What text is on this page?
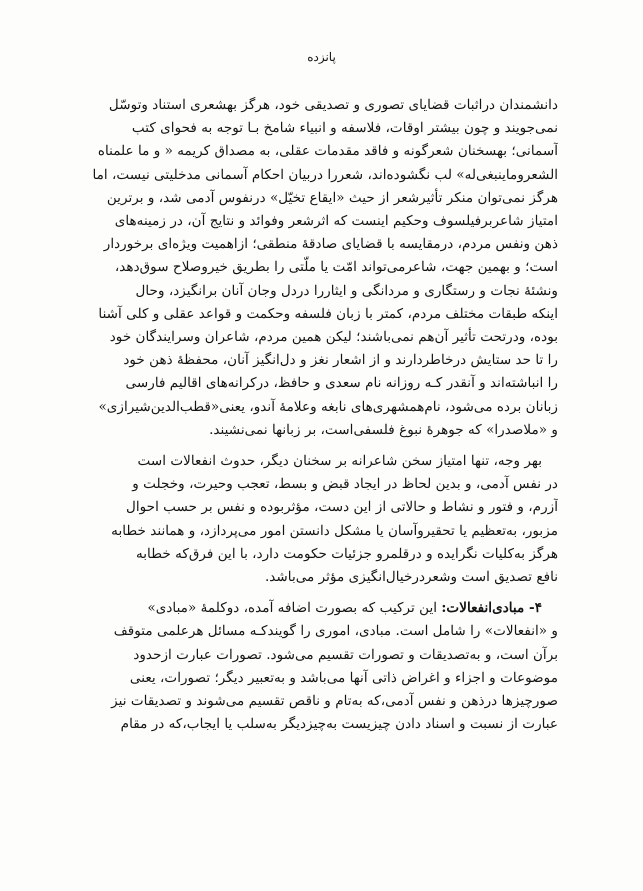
پانزده
دانشمندان دراثبات قضایای تصوری و تصدیقی خود، هرگز بهشعری استناد وتوسّل
نمی‌جویند و چون بیشتر اوقات، فلاسفه و انبیاء شامخ بـا توجه به فحوای کتب
آسمانی؛ بهسخنان شعرگونه و فاقد مقدمات عقلی، به مصداق کریمه « و ما علمناه
الشعروماینبغی‌له» لب نگشوده‌اند، شعررا دربیان احکام آسمانی مدخلیتی نیست، اما
هرگز نمی‌توان منکر تأثیرشعر از حیث «ایقاع تخیّل» درنفوس آدمی شد، و برترین
امتیاز شاعربرفیلسوف وحکیم اینست که اثرشعر وفوائد و نتایج آن، در زمینه‌های
ذهن ونفس مردم، درمقایسه با قضایای صادقهٔ منطقی؛ ازاهمیت ویژه‌ای برخوردار
است؛ و بهمین جهت، شاعرمی‌تواند امّت یا ملّتی را بطریق خیروصلاح سوق‌دهد،
ونشئهٔ نجات و رستگاری و مردانگی و ایثاررا دردل وجان آنان برانگیزد، وحال
اینکه طبقات مختلف مردم، کمتر با زبان فلسفه وحکمت و قواعد عقلی و کلی آشنا
بوده، ودرتحت تأثیر آن‌هم نمی‌باشند؛ لیکن همین مردم، شاعران وسرایندگان خود
را تا حد ستایش درخاطردارند و از اشعار نغز و دل‌انگیز آنان، محفظهٔ ذهن خود
را انباشته‌اند و آنقدر کـه روزانه نام سعدی و حافظ، درکرانه‌های اقالیم فارسی
زبانان برده می‌شود، نام‌همشهری‌های نابغه وعلامهٔ آندو، یعنی«قطب‌الدین‌شیرازی»
و «ملاصدرا» که جوهرهٔ نبوغ فلسفی‌است، بر زبانها نمی‌نشیند.
بهر وجه، تنها امتیاز سخن شاعرانه بر سخنان دیگر، حدوث انفعالات است
در نفس آدمی، و بدین لحاظ در ایجاد قبض و بسط، تعجب وحیرت، وخجلت و
آزرم، و فتور و نشاط و حالاتی از این دست، مؤثربوده و نفس بر حسب احوال
مزبور، به‌تعظیم یا تحقیروآسان یا مشکل دانستن امور می‌پردازد، و همانند خطابه
هرگز به‌کلیات نگرایده و درقلمرو جزئیات حکومت دارد، با این فرق‌که خطابه
نافع تصدیق است وشعردرخیال‌انگیزی مؤثر می‌باشد.
۴- مبادی‌انفعالات: این ترکیب که بصورت اضافه آمده، دوکلمهٔ «مبادی»
و «انفعالات» را شامل است. مبادی، اموری را گویندکـه مسائل هرعلمی متوقف
برآن است، و به‌تصدیقات و تصورات تقسیم می‌شود. تصورات عبارت ازحدود
موضوعات و اجزاء و اغراض ذاتی آنها می‌باشد و به‌تعبیر دیگر؛ تصورات، یعنی
صورچیزها درذهن و نفس آدمی،که به‌تام و ناقص تقسیم می‌شوند و تصدیقات نیز
عبارت از نسبت و اسناد دادن چیزیست به‌چیزدیگر به‌سلب یا ایجاب،که در مقام
